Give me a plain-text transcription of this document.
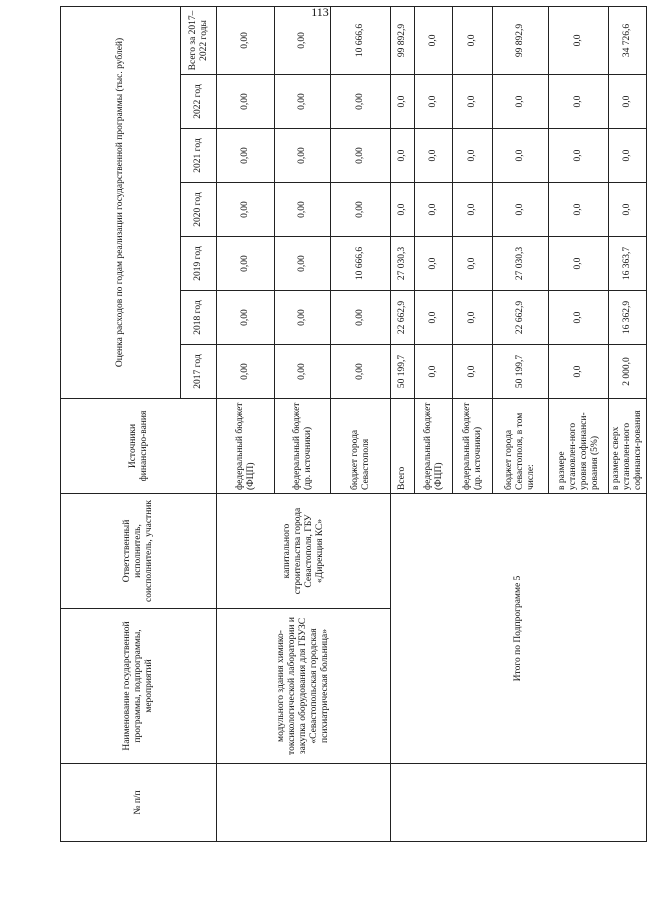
113
№ п/п	Наименование государственной программы, подпрограммы, мероприятий	Ответственный исполнитель, соисполнитель, участник	Источники финансиро-вания	Оценка расходов по годам реализации государственной программы (тыс. рублей)						
				2017 год	2018 год	2019 год	2020 год	2021 год	2022 год	Всего за 2017–2022 годы
	модульного здания химико-токсикологической лаборатории и закупка оборудования для ГБУЗС «Севастопольская городская психиатрическая больница»	капитального строительства города Севастополя, ГБУ «Дирекция КС»	федеральный бюджет (ФЦП)	0,00	0,00	0,00	0,00	0,00	0,00	0,00
			федеральный бюджет (др. источники)	0,00	0,00	0,00	0,00	0,00	0,00	0,00
			бюджет города Севастополя	0,00	0,00	10 666,6	0,00	0,00	0,00	10 666,6
	Итого по Подпрограмме 5		Всего	50 199,7	22 662,9	27 030,3	0,0	0,0	0,0	99 892,9
			федеральный бюджет (ФЦП)	0,0	0,0	0,0	0,0	0,0	0,0	0,0
			федеральный бюджет (др. источники)	0,0	0,0	0,0	0,0	0,0	0,0	0,0
			бюджет города Севастополя, в том числе:	50 199,7	22 662,9	27 030,3	0,0	0,0	0,0	99 892,9
			в размере установлен-ного уровня софинанси-рования (5%)	0,0	0,0	0,0	0,0	0,0	0,0	0,0
			в размере сверх установлен-ного софинанси-рования	2 000,0	16 362,9	16 363,7	0,0	0,0	0,0	34 726,6
